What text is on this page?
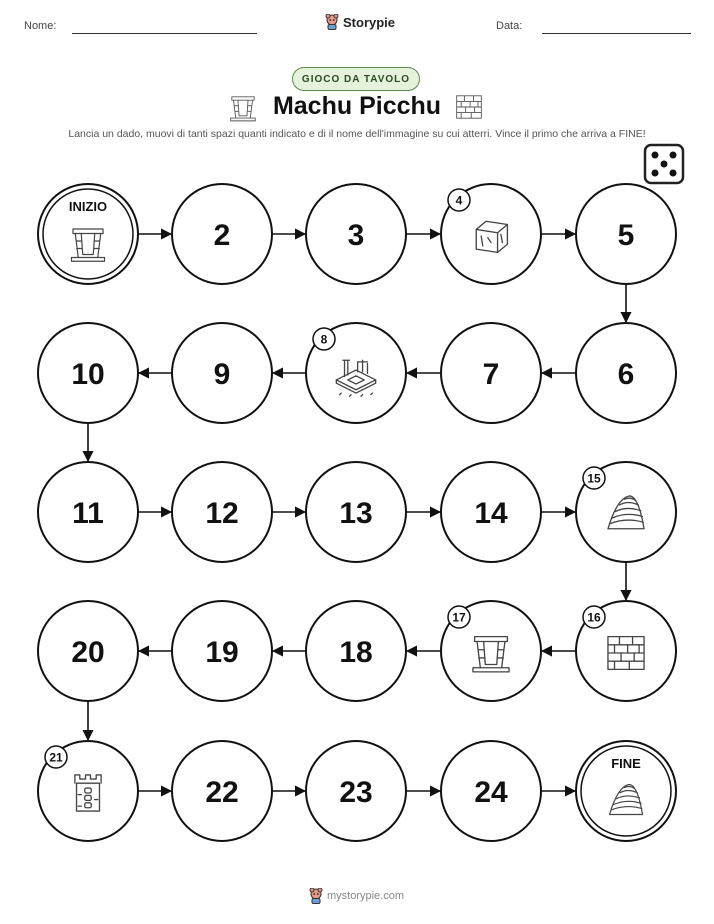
Nome:	Storypie	Data:
GIOCO DA TAVOLO
Machu Picchu
Lancia un dado, muovi di tanti spazi quanti indicato e di il nome dell'immagine su cui atterri. Vince il primo che arriva a FINE!
INIZIO
2	3
4
5
6
7
8
9
10
11	12	13	14
15
16
17
18
19
20
21
22	23	24
FINE
mystorypie.com
